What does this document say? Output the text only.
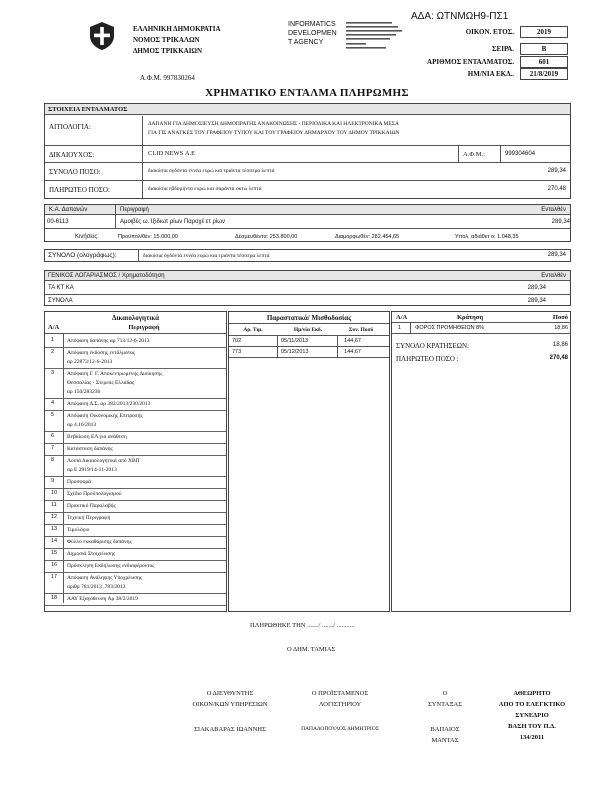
ΑΔΑ: ΩΤΝΜΩΗ9-ΠΣ1
ΕΛΛΗΝΙΚΗ ΔΗΜΟΚΡΑΤΙΑ
ΝΟΜΟΣ ΤΡΙΚΑΛΩΝ
ΔΗΜΟΣ ΤΡΙΚΚΑΙΩΝ
Α.Φ.Μ. 997830264
INFORMATICS
DEVELOPMEN
T AGENCY
ΟΙΚΟΝ. ΕΤΟΣ.	2019
ΣΕΙΡΑ.	Β
ΑΡΙΘΜΟΣ ΕΝΤΑΛΜΑΤΟΣ.	601
ΗΜ/ΝΙΑ ΕΚΔ..	21/8/2019
ΧΡΗΜΑΤΙΚΟ ΕΝΤΑΛΜΑ ΠΛΗΡΩΜΗΣ
ΣΤΟΙΧΕΙΑ ΕΝΤΑΛΜΑΤΟΣ
ΑΙΤΙΟΛΟΓΙΑ:	ΔΑΠΑΝΗ ΓΙΑ ΔΗΜΟΣΙΕΥΣΗ ΔΗΜΟΠΡΑΤΗΣ ΑΝΑΚΟΙΝΩΣΗΣ - ΠΕΡΙΟΔΙΚΑ ΚΑΙ ΗΛΕΚΤΡΟΝΙΚΑ ΜΕΣΑ
ΓΙΑ ΤΙΣ ΑΝΑΓΚΕΣ ΤΟΥ ΓΡΑΦΕΙΟΥ ΤΥΠΟΥ ΚΑΙ ΤΟΥ ΓΡΑΦΕΙΟΥ ΔΗΜΑΡΧΟΥ ΤΟΥ ΔΗΜΟΥ ΤΡΙΚΚΑΙΩΝ
ΔΙΚΑΙΟΥΧΟΣ:	CLID NEWS Α.Ε	Α.Φ.Μ.:	999304604
ΣΥΝΟΛΟ ΠΟΣΟ:	διακόσια ογδόντα εννέα ευρώ και τριάντα τέσσερα λεπτά	289,34
ΠΛΗΡΩΤΕΟ ΠΟΣΟ:	διακόσια εβδομήντα ευρώ και σαράντα οκτώ λεπτά	270,48
Κ.Α. Δαπανών	Περιγραφή	Ενταλθέν
00-6113	Αμοιβές ω. Ιξιδιωτ ρίων Παροχέ ετ ρίων	289,34
Κινήσεις:	Προϋπολ/θέν: 15.000,00	Δέσμευθέντα: 253.800,00	Διαμορφωθέν: 282.454,65	Υπολ. αδιάθετ ο: 1.048,35
ΣΥΝΟΛΟ (ολογράφως):	διακόσια ογδόντα εννέα ευρώ και τριάντα τέσσερα λεπτά	289,34
ΓΕΝΙΚΟΣ ΛΟΓΑΡΙΑΣΜΟΣ / Χρηματοδότηση	Ενταλθέν
ΤΑ ΚΤ ΚΑ	289,34
ΣΥΝΟΛΑ	289,34
Δικαιολογητικά
Α/Α	Περιγραφή
1	Απόφαση δαπάνης αρ 713/12-6-2013
2	Απόφαση έκδοσης εντάλματος
αρ 22873/12-6-2013
3	Απόφαση Γ. Γ. Αποκεντρωμένης Διοίκησης
Θεσσαλίας - Στερεάς Ελλάδας
αρ 150/283236
4	Απόφαση Δ.Σ. αρ 382/2013/230/2013
5	Απόφαση Οικονομικής Επιτροπής
αρ 4.16/2013
6	Βεβαίωση ΕΛ για ανάθεση
7	Κατάσταση δαπάνης
8	Λοιπά Δικαιολογητικά από ΧΒΠ
αρ Ε 2919/14-11-2013
9	Προσφορά
10	Σχέδιο Προϋπολογισμού
11	Πρακτικό Παραλαβής
12	Τεχνική Περιγραφή
13	Τιμολόγιο
14	Φύλλο εκκαθάρισης δαπάνης
15	Δημοσιά Στοιχείωσης
16	Πρόσκληση Εκδήλωσης ενδιαφέροντος
17	Απόφαση Ανάληψης Υποχρέωσης
αριθμ 781/2013 ,783/2013
18	ΑΑΥ Εξαγόθευση Αρ 38/2/2019
Παραστατικά/ Μισθοδοσίας
Αρ. Τιμ.	Ημ/νία Εκδ.	Συν. Ποσό
702	05/11/2013	144,67
773	05/12/2013	144,67
Α/Α	Κράτηση	Ποσό
1	ΦΟΡΟΣ ΠΡΟΜΗΘΕΙΩΝ 8%	18,86
ΣΥΝΟΛΟ ΚΡΑΤΗΣΕΩΝ:	18,86
ΠΛΗΡΩΤΕΟ ΠΟΣΟ :	270,48
ΠΛΗΡΩΘΗΚΕ ΤΗΝ ......./ ......./ ...........
Ο ΔΗΜ. ΤΑΜΙΑΣ
Ο ΔΙΕΥΘΥΝΤΗΣ
ΟΙΚΟΝ/ΚΩΝ ΥΠΗΡΕΣΙΩΝ
ΣΙΑΚΑΒΑΡΑΣ ΙΩΑΝΝΗΣ
Ο ΠΡΟΪΣΤΑΜΕΝΟΣ
ΛΟΓΙΣΤΗΡΙΟΥ
ΠΑΠΑΔΟΠΟΥΛΟΣ ΔΗΜΗΤΡΙΟΣ
Ο
ΣΥΝΤΑΞΑΣ
ΒΑΠΑΙΟΣ
ΜΑΝΤΑΣ
ΑΘΕΩΡΗΤΟ
ΑΠΟ ΤΟ ΕΛΕΓΚΤΙΚΟ
ΣΥΝΕΔΡΙΟ
ΒΑΣΗ ΤΟΥ Π.Δ.
134/2011
